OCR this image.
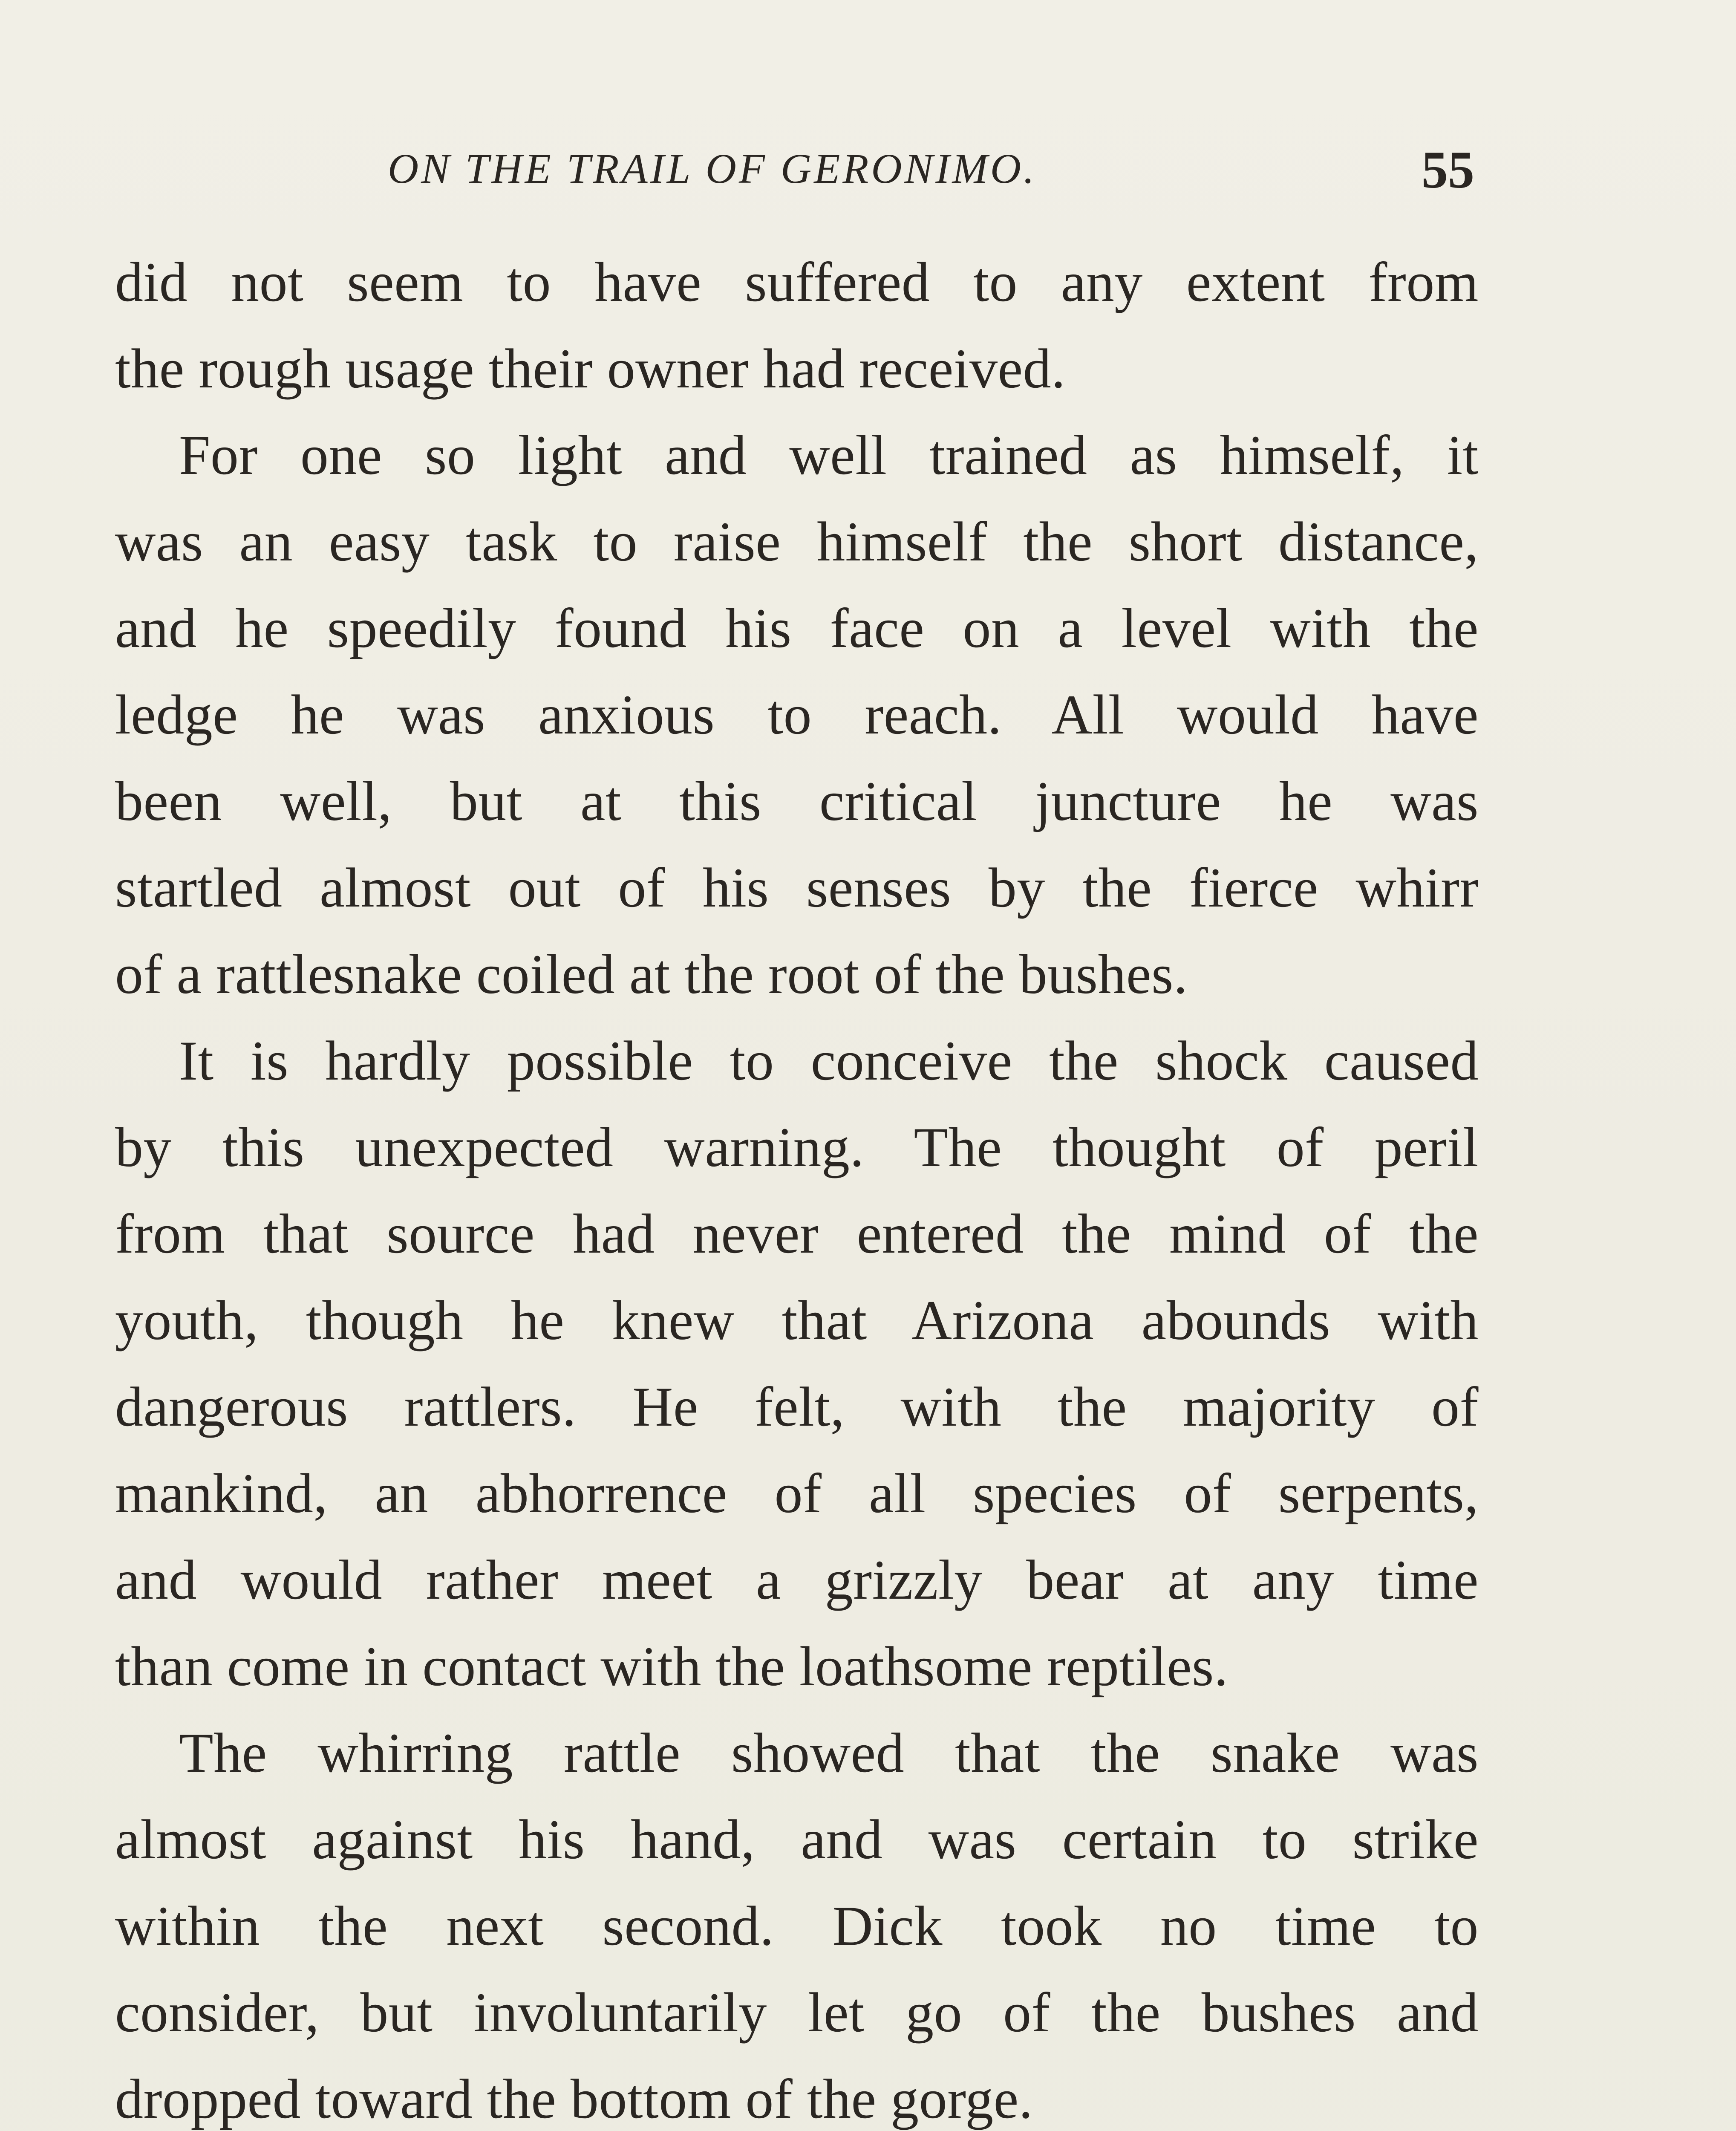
ON THE TRAIL OF GERONIMO.	55
did not seem to have suffered to any extent from
the rough usage their owner had received.
For one so light and well trained as himself, it
was an easy task to raise himself the short distance,
and he speedily found his face on a level with the
ledge he was anxious to reach. All would have
been well, but at this critical juncture he was
startled almost out of his senses by the fierce whirr
of a rattlesnake coiled at the root of the bushes.
It is hardly possible to conceive the shock caused
by this unexpected warning. The thought of peril
from that source had never entered the mind of the
youth, though he knew that Arizona abounds with
dangerous rattlers. He felt, with the majority of
mankind, an abhorrence of all species of serpents,
and would rather meet a grizzly bear at any time
than come in contact with the loathsome reptiles.
The whirring rattle showed that the snake was
almost against his hand, and was certain to strike
within the next second. Dick took no time to
consider, but involuntarily let go of the bushes and
dropped toward the bottom of the gorge.
